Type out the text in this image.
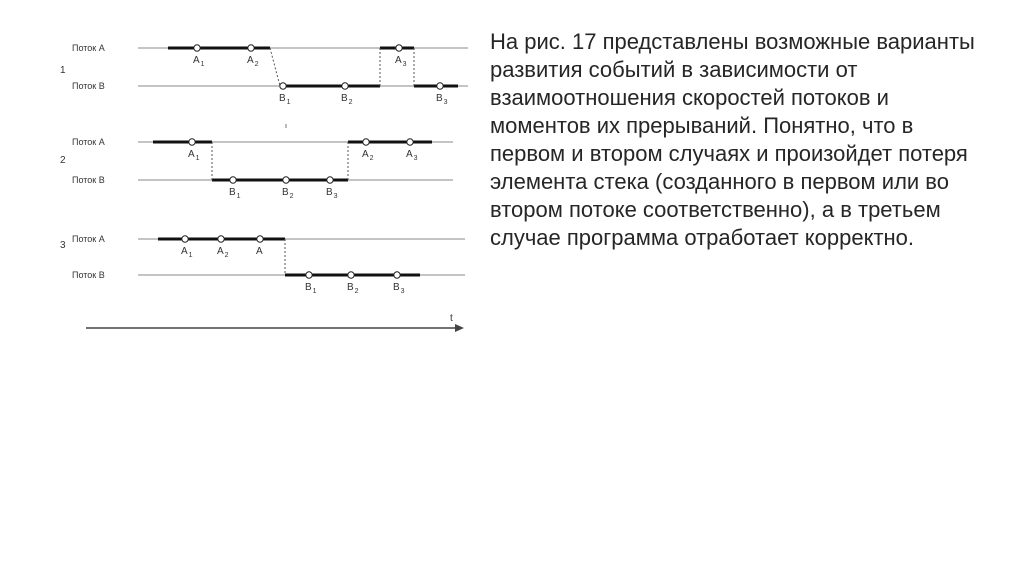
1
Поток А
Поток В
$A_1$	$A_2$	$A_3$
$B_1$	$B_2$	$B_3$
2
Поток А
Поток В
$A_1$	$A_2$	$A_3$
$B_1$	$B_2$	$B_3$
3
Поток А
Поток В
$A_1$ $A_2$	A
$B_1$	$B_2$	$B_3$
t

На рис. 17 представлены возможные варианты развития событий в зависимости от взаимоотношения скоростей потоков и моментов их прерываний. Понятно, что в первом и втором случаях и произойдет потеря элемента стека (созданного в первом или во втором потоке соответственно), а в третьем случае программа отработает корректно.
